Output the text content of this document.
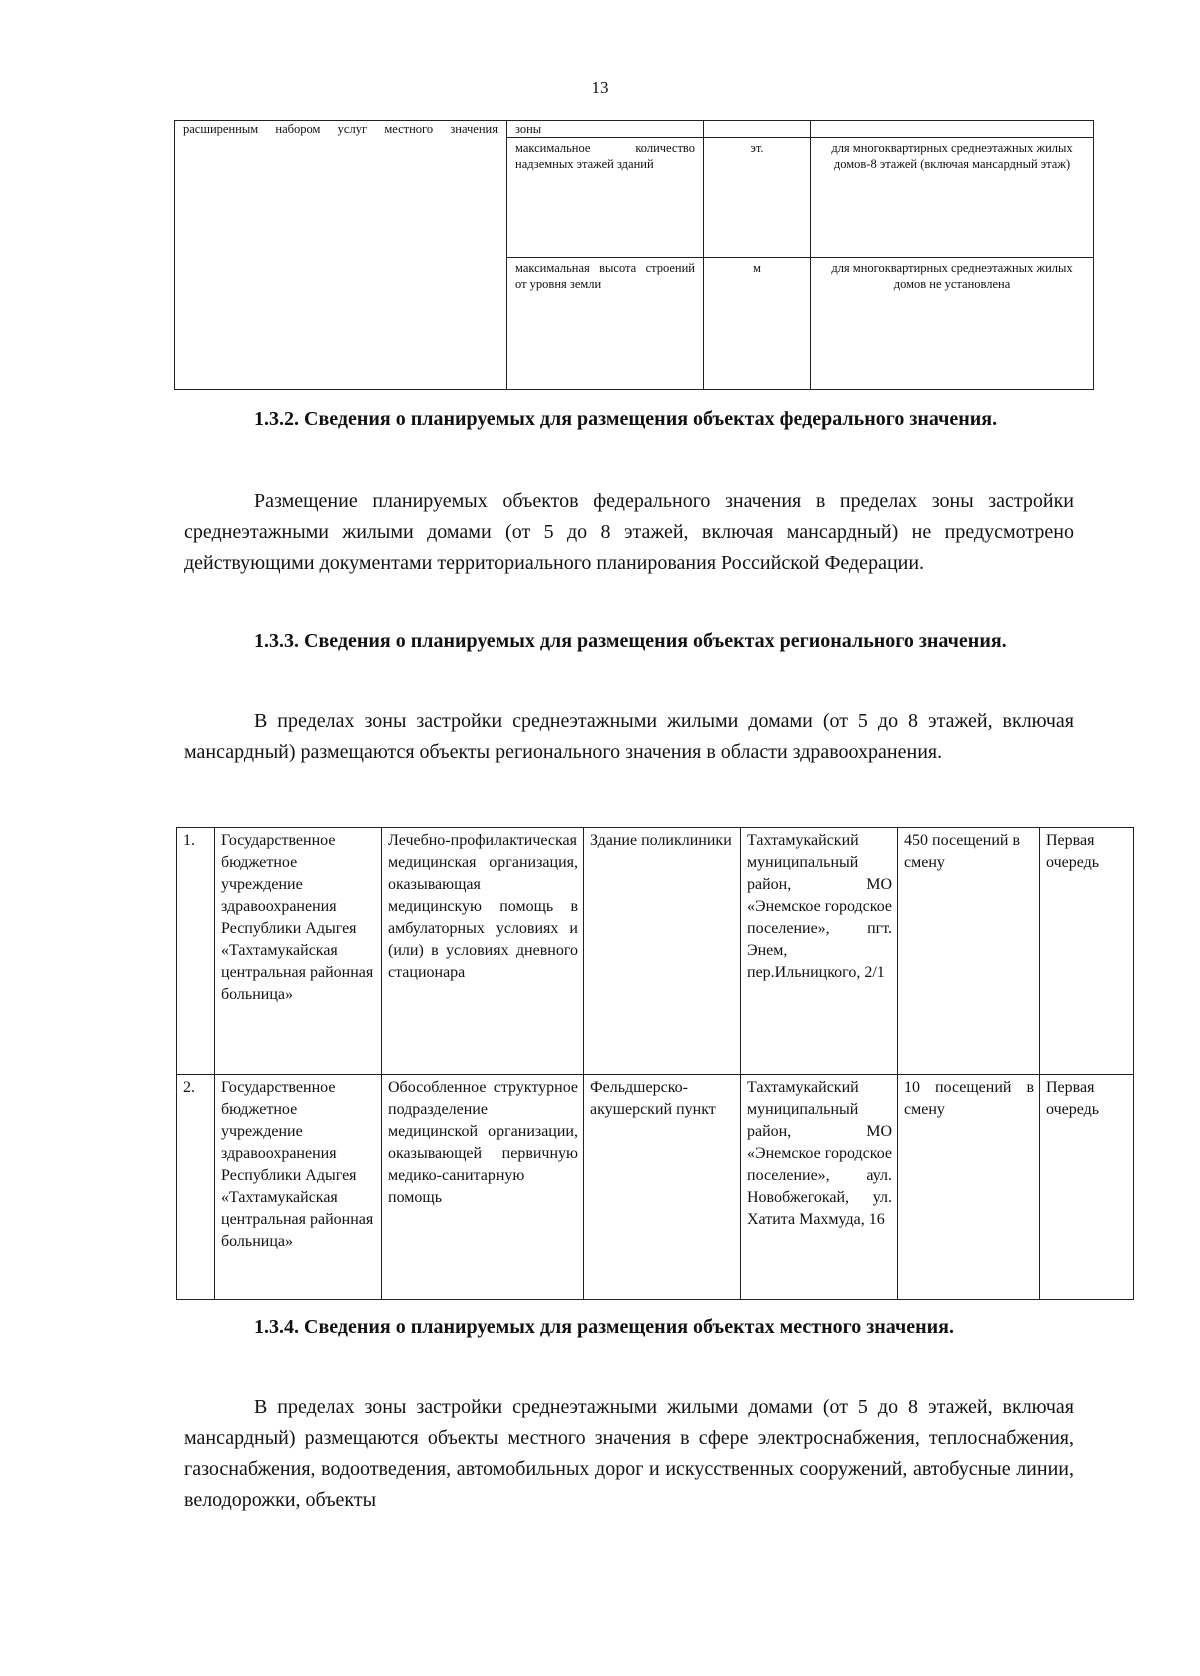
13
расширенным набором услуг местного значения	зоны		
	максимальное количество надземных этажей зданий	эт.	для многоквартирных среднеэтажных жилых домов-8 этажей (включая мансардный этаж)
	максимальная высота строений от уровня земли	м	для многоквартирных среднеэтажных жилых домов не установлена
1.3.2. Сведения о планируемых для размещения объектах федерального значения.
Размещение планируемых объектов федерального значения в пределах зоны застройки среднеэтажными жилыми домами (от 5 до 8 этажей, включая мансардный) не предусмотрено действующими документами территориального планирования Российской Федерации.
1.3.3. Сведения о планируемых для размещения объектах регионального значения.
В пределах зоны застройки среднеэтажными жилыми домами (от 5 до 8 этажей, включая мансардный) размещаются объекты регионального значения в области здравоохранения.
1.	Государственное бюджетное учреждение здравоохранения Республики Адыгея «Тахтамукайская центральная районная больница»	Лечебно-профилактическая медицинская организация, оказывающая медицинскую помощь в амбулаторных условиях и (или) в условиях дневного стационара	Здание поликлиники	Тахтамукайский муниципальный район, МО «Энемское городское поселение», пгт. Энем, пер.Ильницкого, 2/1	450 посещений в смену	Первая очередь
2.	Государственное бюджетное учреждение здравоохранения Республики Адыгея «Тахтамукайская центральная районная больница»	Обособленное структурное подразделение медицинской организации, оказывающей первичную медико-санитарную помощь	Фельдшерско-акушерский пункт	Тахтамукайский муниципальный район, МО «Энемское городское поселение», аул. Новобжегокай, ул. Хатита Махмуда, 16	10 посещений в смену	Первая очередь
1.3.4. Сведения о планируемых для размещения объектах местного значения.
В пределах зоны застройки среднеэтажными жилыми домами (от 5 до 8 этажей, включая мансардный) размещаются объекты местного значения в сфере электроснабжения, теплоснабжения, газоснабжения, водоотведения, автомобильных дорог и искусственных сооружений, автобусные линии, велодорожки, объекты
